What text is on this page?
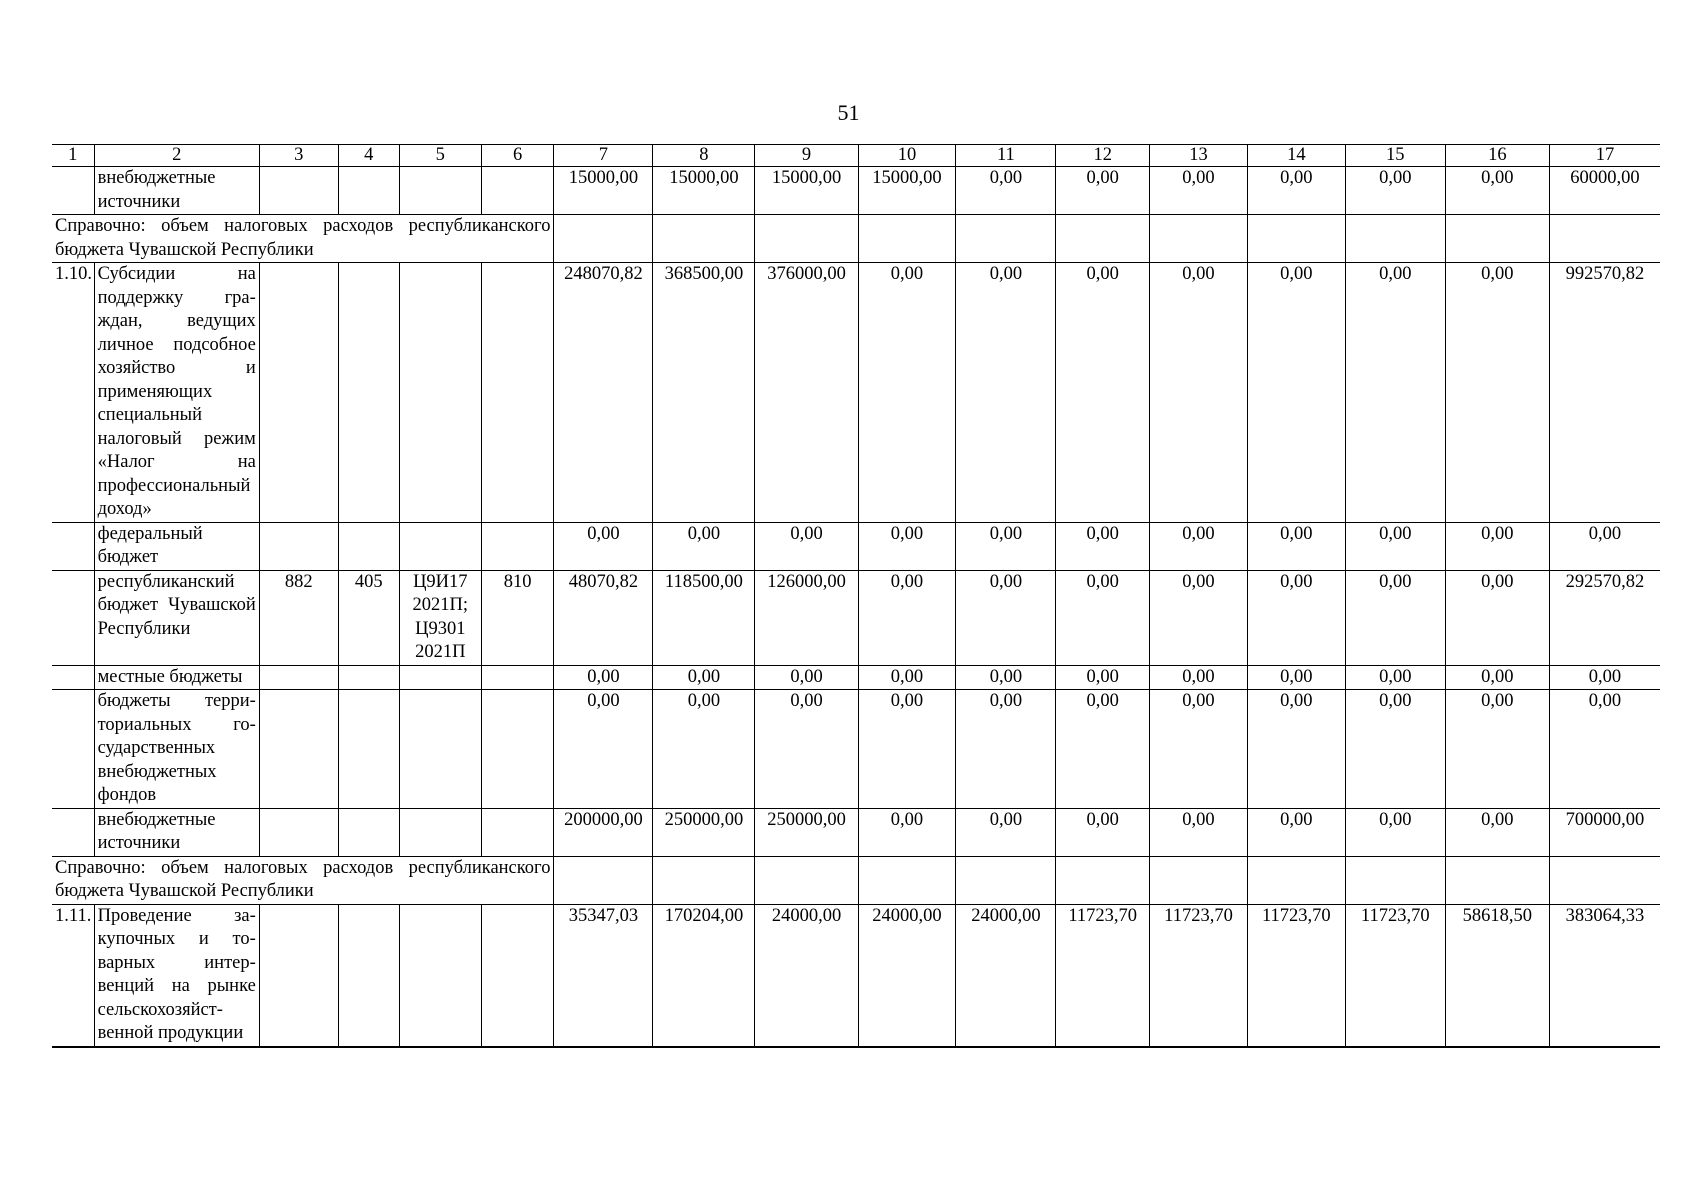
51
1	2	3	4	5	6	7	8	9	10	11	12	13	14	15	16	17
	внебюджетные источники					15000,00	15000,00	15000,00	15000,00	0,00	0,00	0,00	0,00	0,00	0,00	60000,00
Справочно: объем налоговых расходов республиканского бюджета Чувашской Республики																
1.10.	Субсидии на поддержку граждан, ведущих личное подсобное хозяйство и применяющих специальный налоговый режим «Налог на профессиональный доход»					248070,82	368500,00	376000,00	0,00	0,00	0,00	0,00	0,00	0,00	0,00	992570,82
	федеральный бюджет					0,00	0,00	0,00	0,00	0,00	0,00	0,00	0,00	0,00	0,00	0,00
	республиканский бюджет Чувашской Республики	882	405	Ц9И17 2021П; Ц9301 2021П	810	48070,82	118500,00	126000,00	0,00	0,00	0,00	0,00	0,00	0,00	0,00	292570,82
	местные бюджеты					0,00	0,00	0,00	0,00	0,00	0,00	0,00	0,00	0,00	0,00	0,00
	бюджеты территориальных государственных внебюджетных фондов					0,00	0,00	0,00	0,00	0,00	0,00	0,00	0,00	0,00	0,00	0,00
	внебюджетные источники					200000,00	250000,00	250000,00	0,00	0,00	0,00	0,00	0,00	0,00	0,00	700000,00
Справочно: объем налоговых расходов республиканского бюджета Чувашской Республики																
1.11.	Проведение закупочных и товарных интервенций на рынке сельскохозяйственной продукции					35347,03	170204,00	24000,00	24000,00	24000,00	11723,70	11723,70	11723,70	11723,70	58618,50	383064,33
